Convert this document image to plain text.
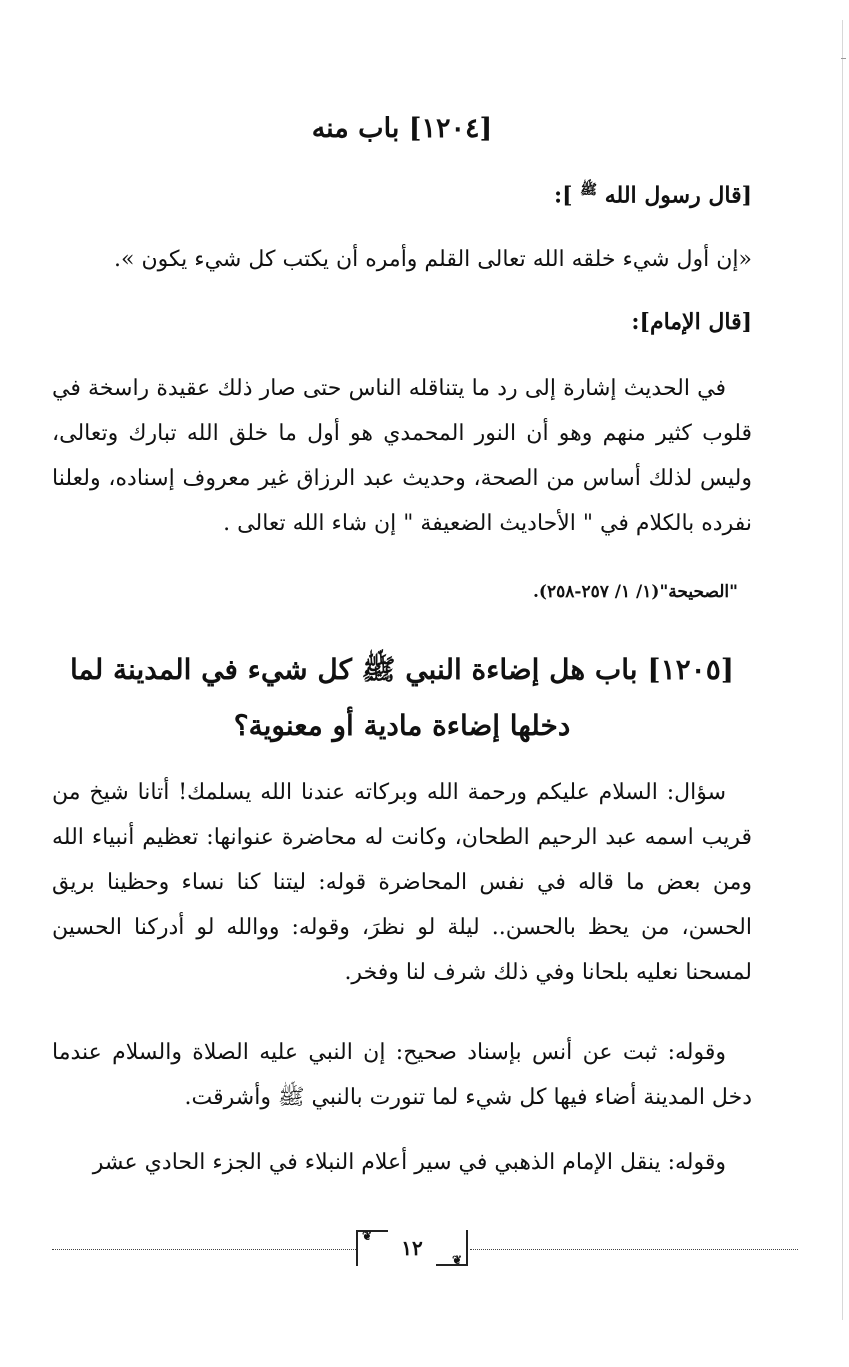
[١٢٠٤] باب منه
[قال رسول الله $^ﷺ$ ]:
«إن أول شيء خلقه الله تعالى القلم وأمره أن يكتب كل شيء يكون ».
[قال الإمام]:
في الحديث إشارة إلى رد ما يتناقله الناس حتى صار ذلك عقيدة راسخة في قلوب كثير منهم وهو أن النور المحمدي هو أول ما خلق الله تبارك وتعالى، وليس لذلك أساس من الصحة، وحديث عبد الرزاق غير معروف إسناده، ولعلنا نفرده بالكلام في " الأحاديث الضعيفة " إن شاء الله تعالى .
"الصحيحة"(١/ ١/ ٢٥٧-٢٥٨).
[١٢٠٥] باب هل إضاءة النبي ﷺ كل شيء في المدينة لما دخلها إضاءة مادية أو معنوية؟
سؤال: السلام عليكم ورحمة الله وبركاته عندنا الله يسلمك! أتانا شيخ من قريب اسمه عبد الرحيم الطحان، وكانت له محاضرة عنوانها: تعظيم أنبياء الله ومن بعض ما قاله في نفس المحاضرة قوله: ليتنا كنا نساء وحظينا بريق الحسن، من يحظ بالحسن.. ليلة لو نظرَ، وقوله: ووالله لو أدركنا الحسين لمسحنا نعليه بلحانا وفي ذلك شرف لنا وفخر.
وقوله: ثبت عن أنس بإسناد صحيح: إن النبي عليه الصلاة والسلام عندما دخل المدينة أضاء فيها كل شيء لما تنورت بالنبي ﷺ وأشرقت.
وقوله: ينقل الإمام الذهبي في سير أعلام النبلاء في الجزء الحادي عشر
❦ ١٢ ❦
